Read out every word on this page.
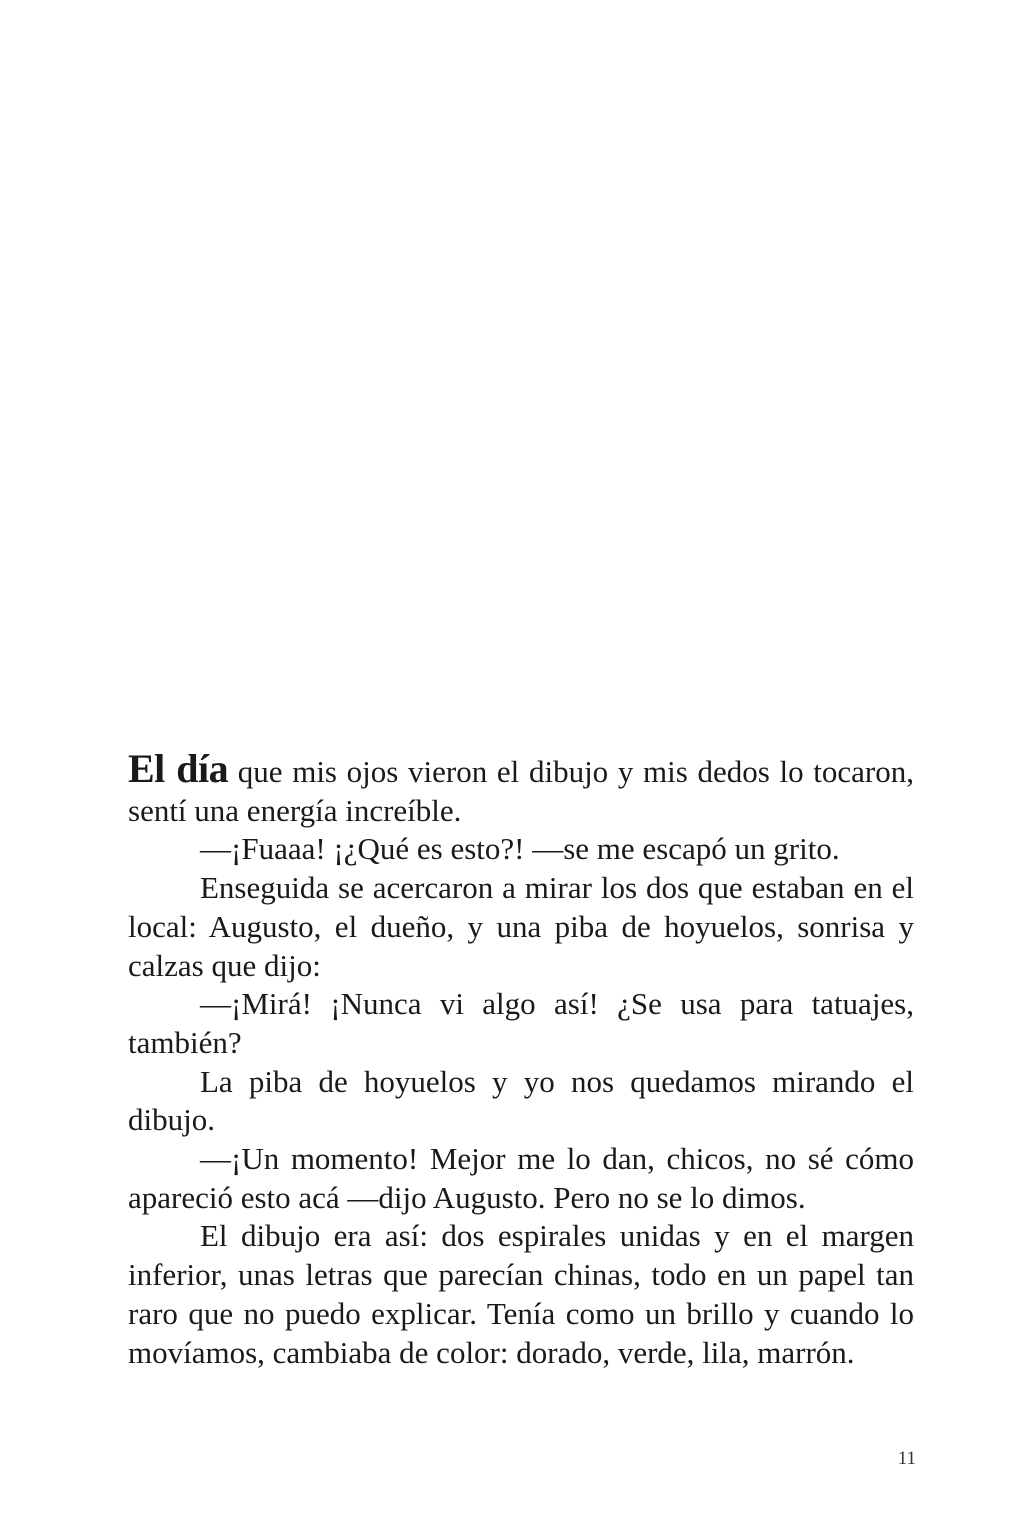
El día que mis ojos vieron el dibujo y mis dedos lo tocaron, sentí una energía increíble.

—¡Fuaaa! ¡¿Qué es esto?! —se me escapó un grito.

Enseguida se acercaron a mirar los dos que estaban en el local: Augusto, el dueño, y una piba de hoyuelos, sonrisa y calzas que dijo:

—¡Mirá! ¡Nunca vi algo así! ¿Se usa para tatuajes, también?

La piba de hoyuelos y yo nos quedamos mirando el dibujo.

—¡Un momento! Mejor me lo dan, chicos, no sé cómo apareció esto acá —dijo Augusto. Pero no se lo dimos.

El dibujo era así: dos espirales unidas y en el margen inferior, unas letras que parecían chinas, todo en un papel tan raro que no puedo explicar. Tenía como un brillo y cuando lo movíamos, cambiaba de color: dorado, verde, lila, marrón.

11
